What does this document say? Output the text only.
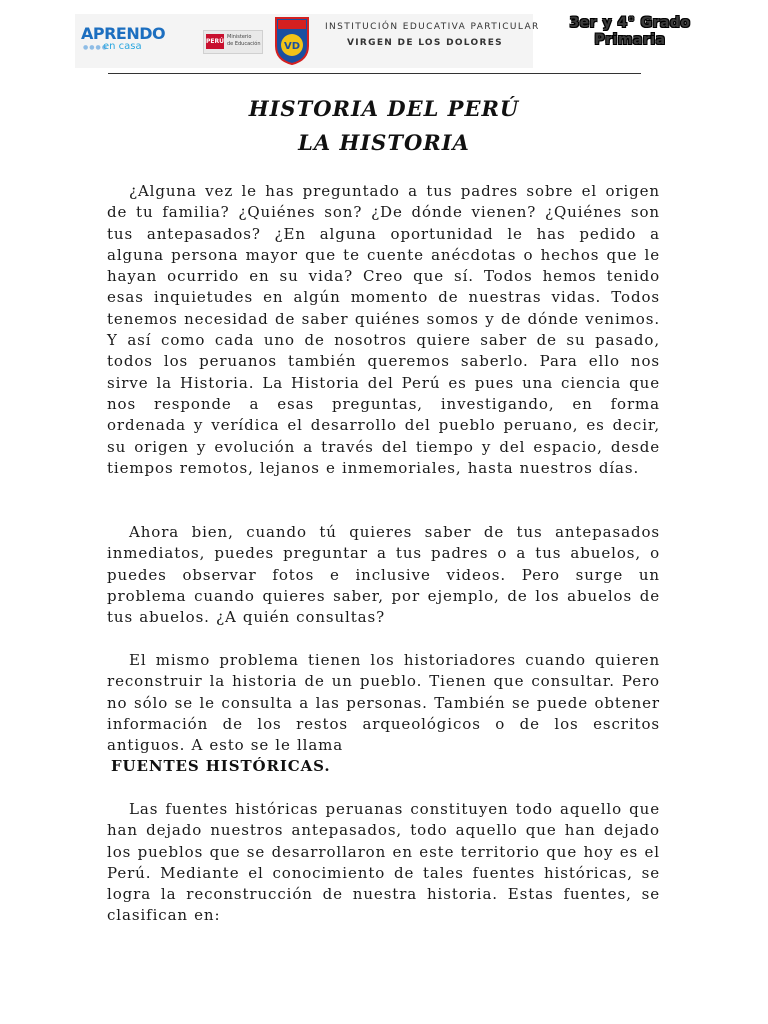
APRENDO
●●●●
en casa	PERÚ
Ministerio
de Educación VD
INSTITUCIÓN EDUCATIVA PARTICULAR
VIRGEN DE LOS DOLORES
3er y 4° Grado
Primaria
HISTORIA DEL PERÚ
LA HISTORIA

¿Alguna vez le has preguntado a tus padres sobre el origen de tu familia? ¿Quiénes son? ¿De dónde vienen? ¿Quiénes son tus antepasados? ¿En alguna oportunidad le has pedido a alguna persona mayor que te cuente anécdotas o hechos que le hayan ocurrido en su vida? Creo que sí. Todos hemos tenido esas inquietudes en algún momento de nuestras vidas. Todos tenemos necesidad de saber quiénes somos y de dónde venimos. Y así como cada uno de nosotros quiere saber de su pasado, todos los peruanos también queremos saberlo. Para ello nos sirve la Historia. La Historia del Perú es pues una ciencia que nos responde a esas preguntas, investigando, en forma ordenada y verídica el desarrollo del pueblo peruano, es decir, su origen y evolución a través del tiempo y del espacio, desde tiempos remotos, lejanos e inmemoriales, hasta nuestros días.

Ahora bien, cuando tú quieres saber de tus antepasados inmediatos, puedes preguntar a tus padres o a tus abuelos, o puedes observar fotos e inclusive videos. Pero surge un problema cuando quieres saber, por ejemplo, de los abuelos de tus abuelos. ¿A quién consultas?

El mismo problema tienen los historiadores cuando quieren reconstruir la historia de un pueblo. Tienen que consultar. Pero no sólo se le consulta a las personas. También se puede obtener información de los restos arqueológicos o de los escritos antiguos. A esto se le llama

FUENTES HISTÓRICAS.

Las fuentes históricas peruanas constituyen todo aquello que han dejado nuestros antepasados, todo aquello que han dejado los pueblos que se desarrollaron en este territorio que hoy es el Perú. Mediante el conocimiento de tales fuentes históricas, se logra la reconstrucción de nuestra historia. Estas fuentes, se clasifican en:
